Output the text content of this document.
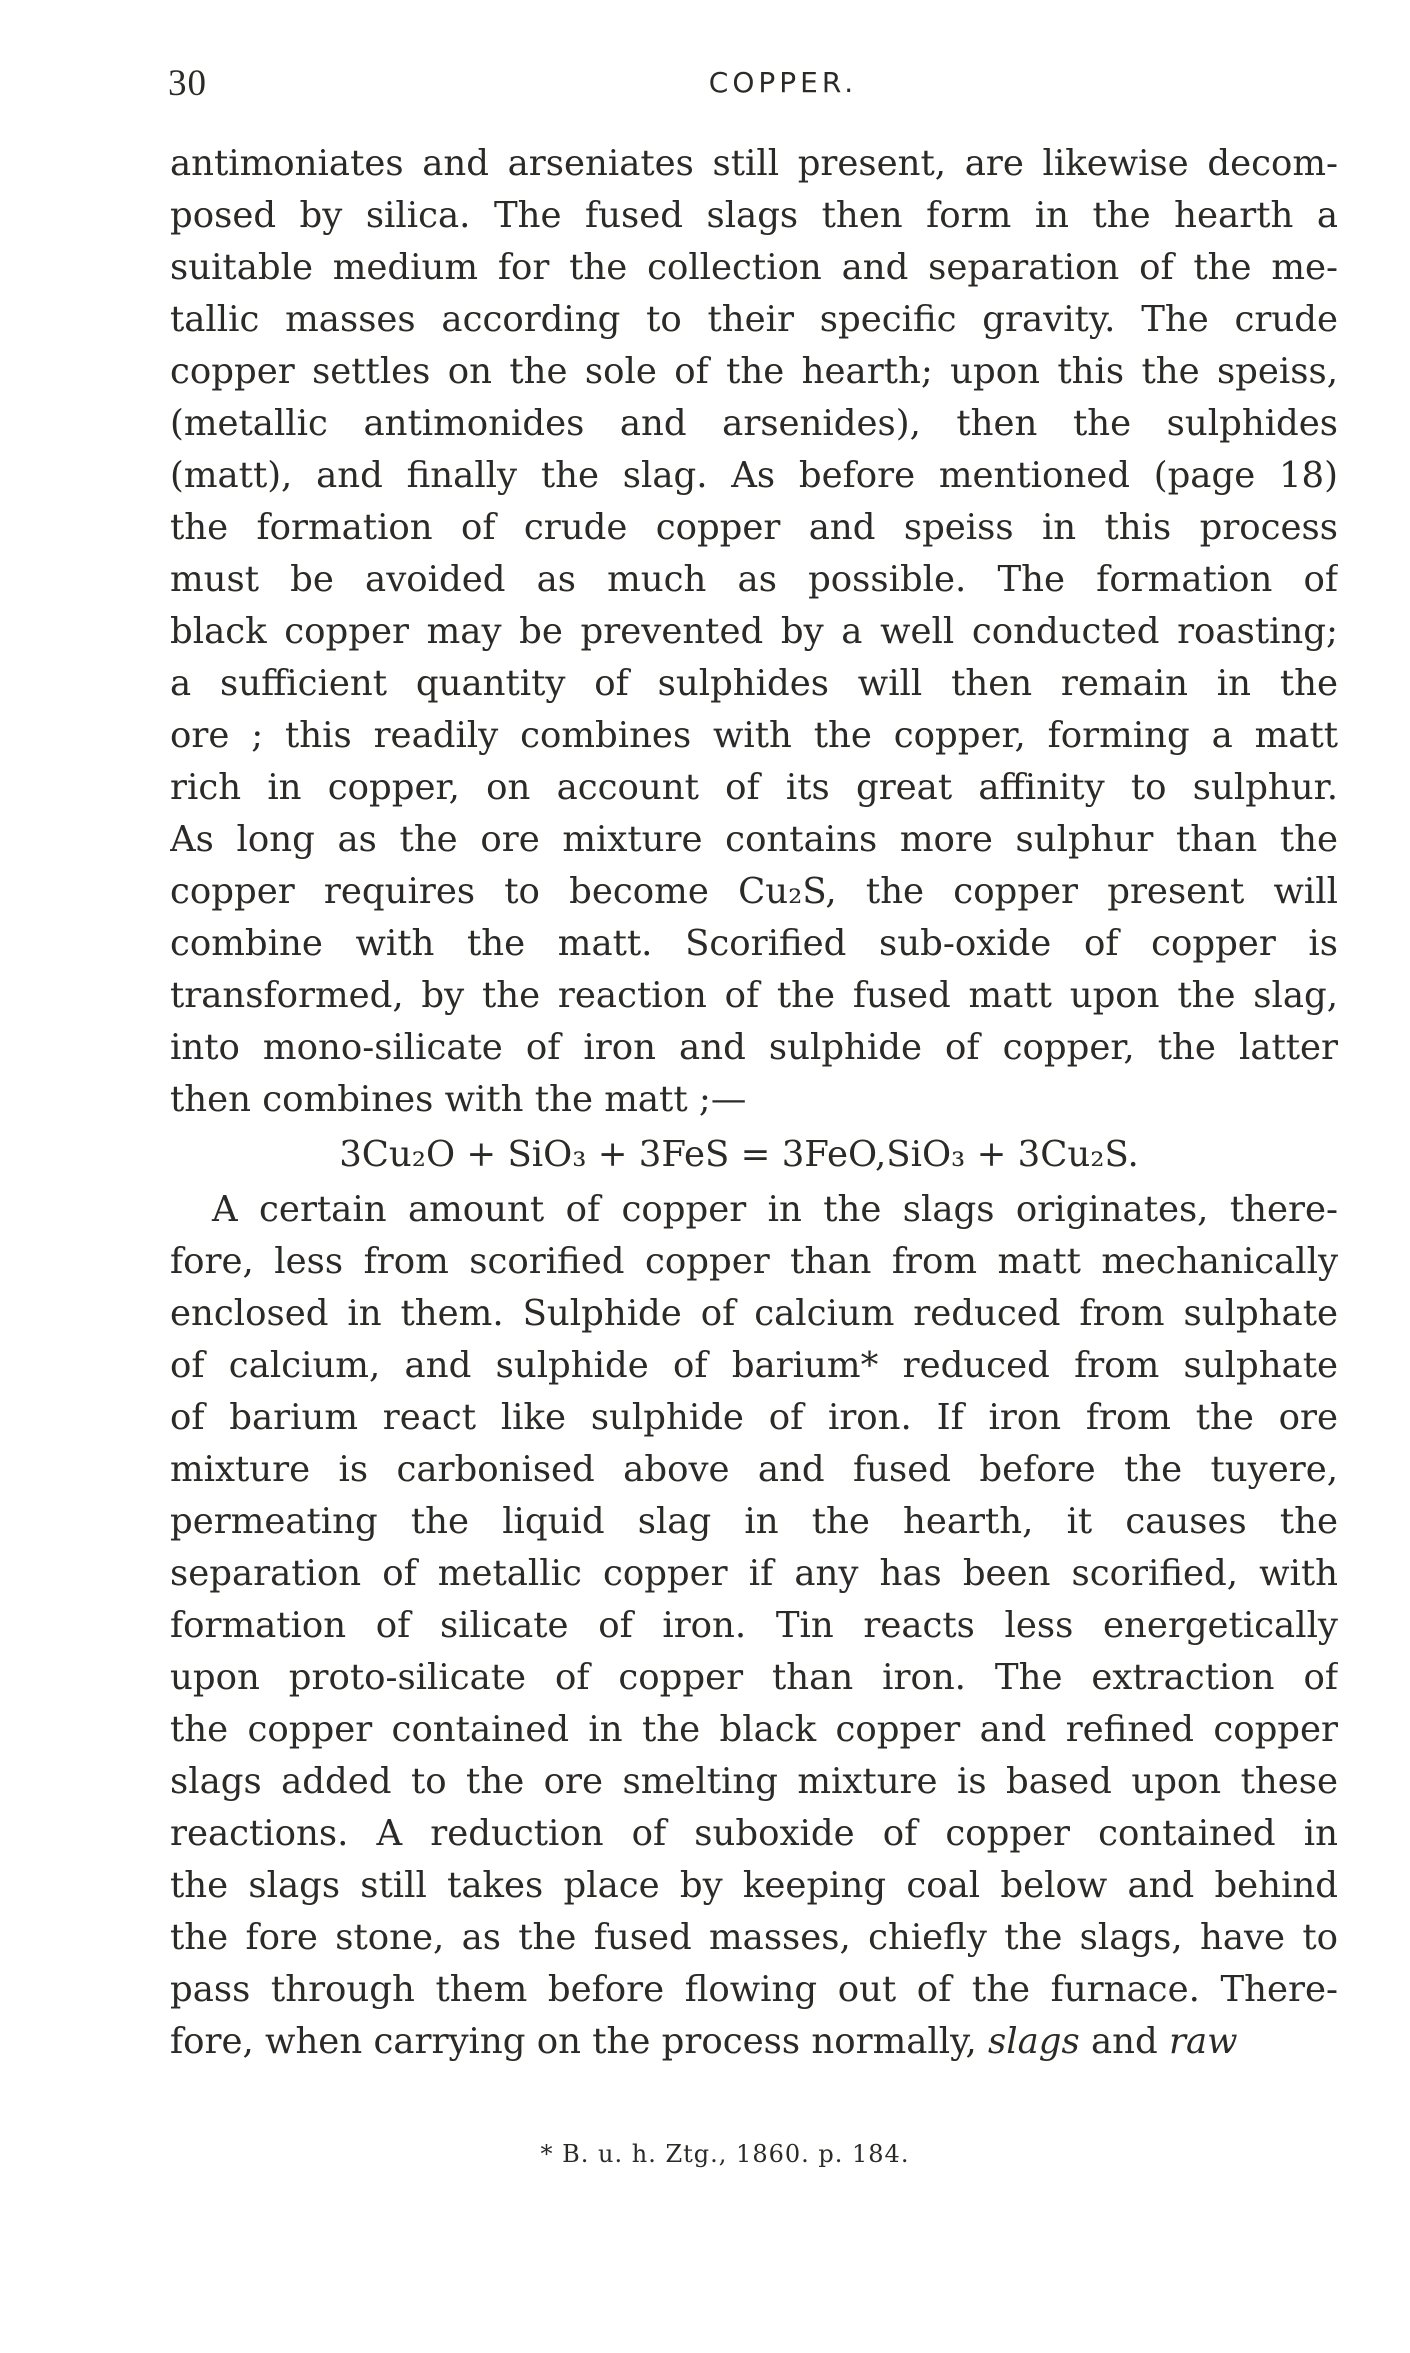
30	COPPER.
antimoniates and arseniates still present, are likewise decom-
posed by silica. The fused slags then form in the hearth a
suitable medium for the collection and separation of the me-
tallic masses according to their specific gravity. The crude
copper settles on the sole of the hearth; upon this the speiss,
(metallic antimonides and arsenides), then the sulphides
(matt), and finally the slag. As before mentioned (page 18)
the formation of crude copper and speiss in this process
must be avoided as much as possible. The formation of
black copper may be prevented by a well conducted roasting;
a sufficient quantity of sulphides will then remain in the
ore ; this readily combines with the copper, forming a matt
rich in copper, on account of its great affinity to sulphur.
As long as the ore mixture contains more sulphur than the
copper requires to become Cu₂S, the copper present will
combine with the matt. Scorified sub-oxide of copper is
transformed, by the reaction of the fused matt upon the slag,
into mono-silicate of iron and sulphide of copper, the latter
then combines with the matt ;—
3Cu₂O + SiO₃ + 3FeS = 3FeO,SiO₃ + 3Cu₂S.
A certain amount of copper in the slags originates, there-
fore, less from scorified copper than from matt mechanically
enclosed in them. Sulphide of calcium reduced from sulphate
of calcium, and sulphide of barium* reduced from sulphate
of barium react like sulphide of iron. If iron from the ore
mixture is carbonised above and fused before the tuyere,
permeating the liquid slag in the hearth, it causes the
separation of metallic copper if any has been scorified, with
formation of silicate of iron. Tin reacts less energetically
upon proto-silicate of copper than iron. The extraction of
the copper contained in the black copper and refined copper
slags added to the ore smelting mixture is based upon these
reactions. A reduction of suboxide of copper contained in
the slags still takes place by keeping coal below and behind
the fore stone, as the fused masses, chiefly the slags, have to
pass through them before flowing out of the furnace. There-
fore, when carrying on the process normally, slags and raw
* B. u. h. Ztg., 1860. p. 184.
